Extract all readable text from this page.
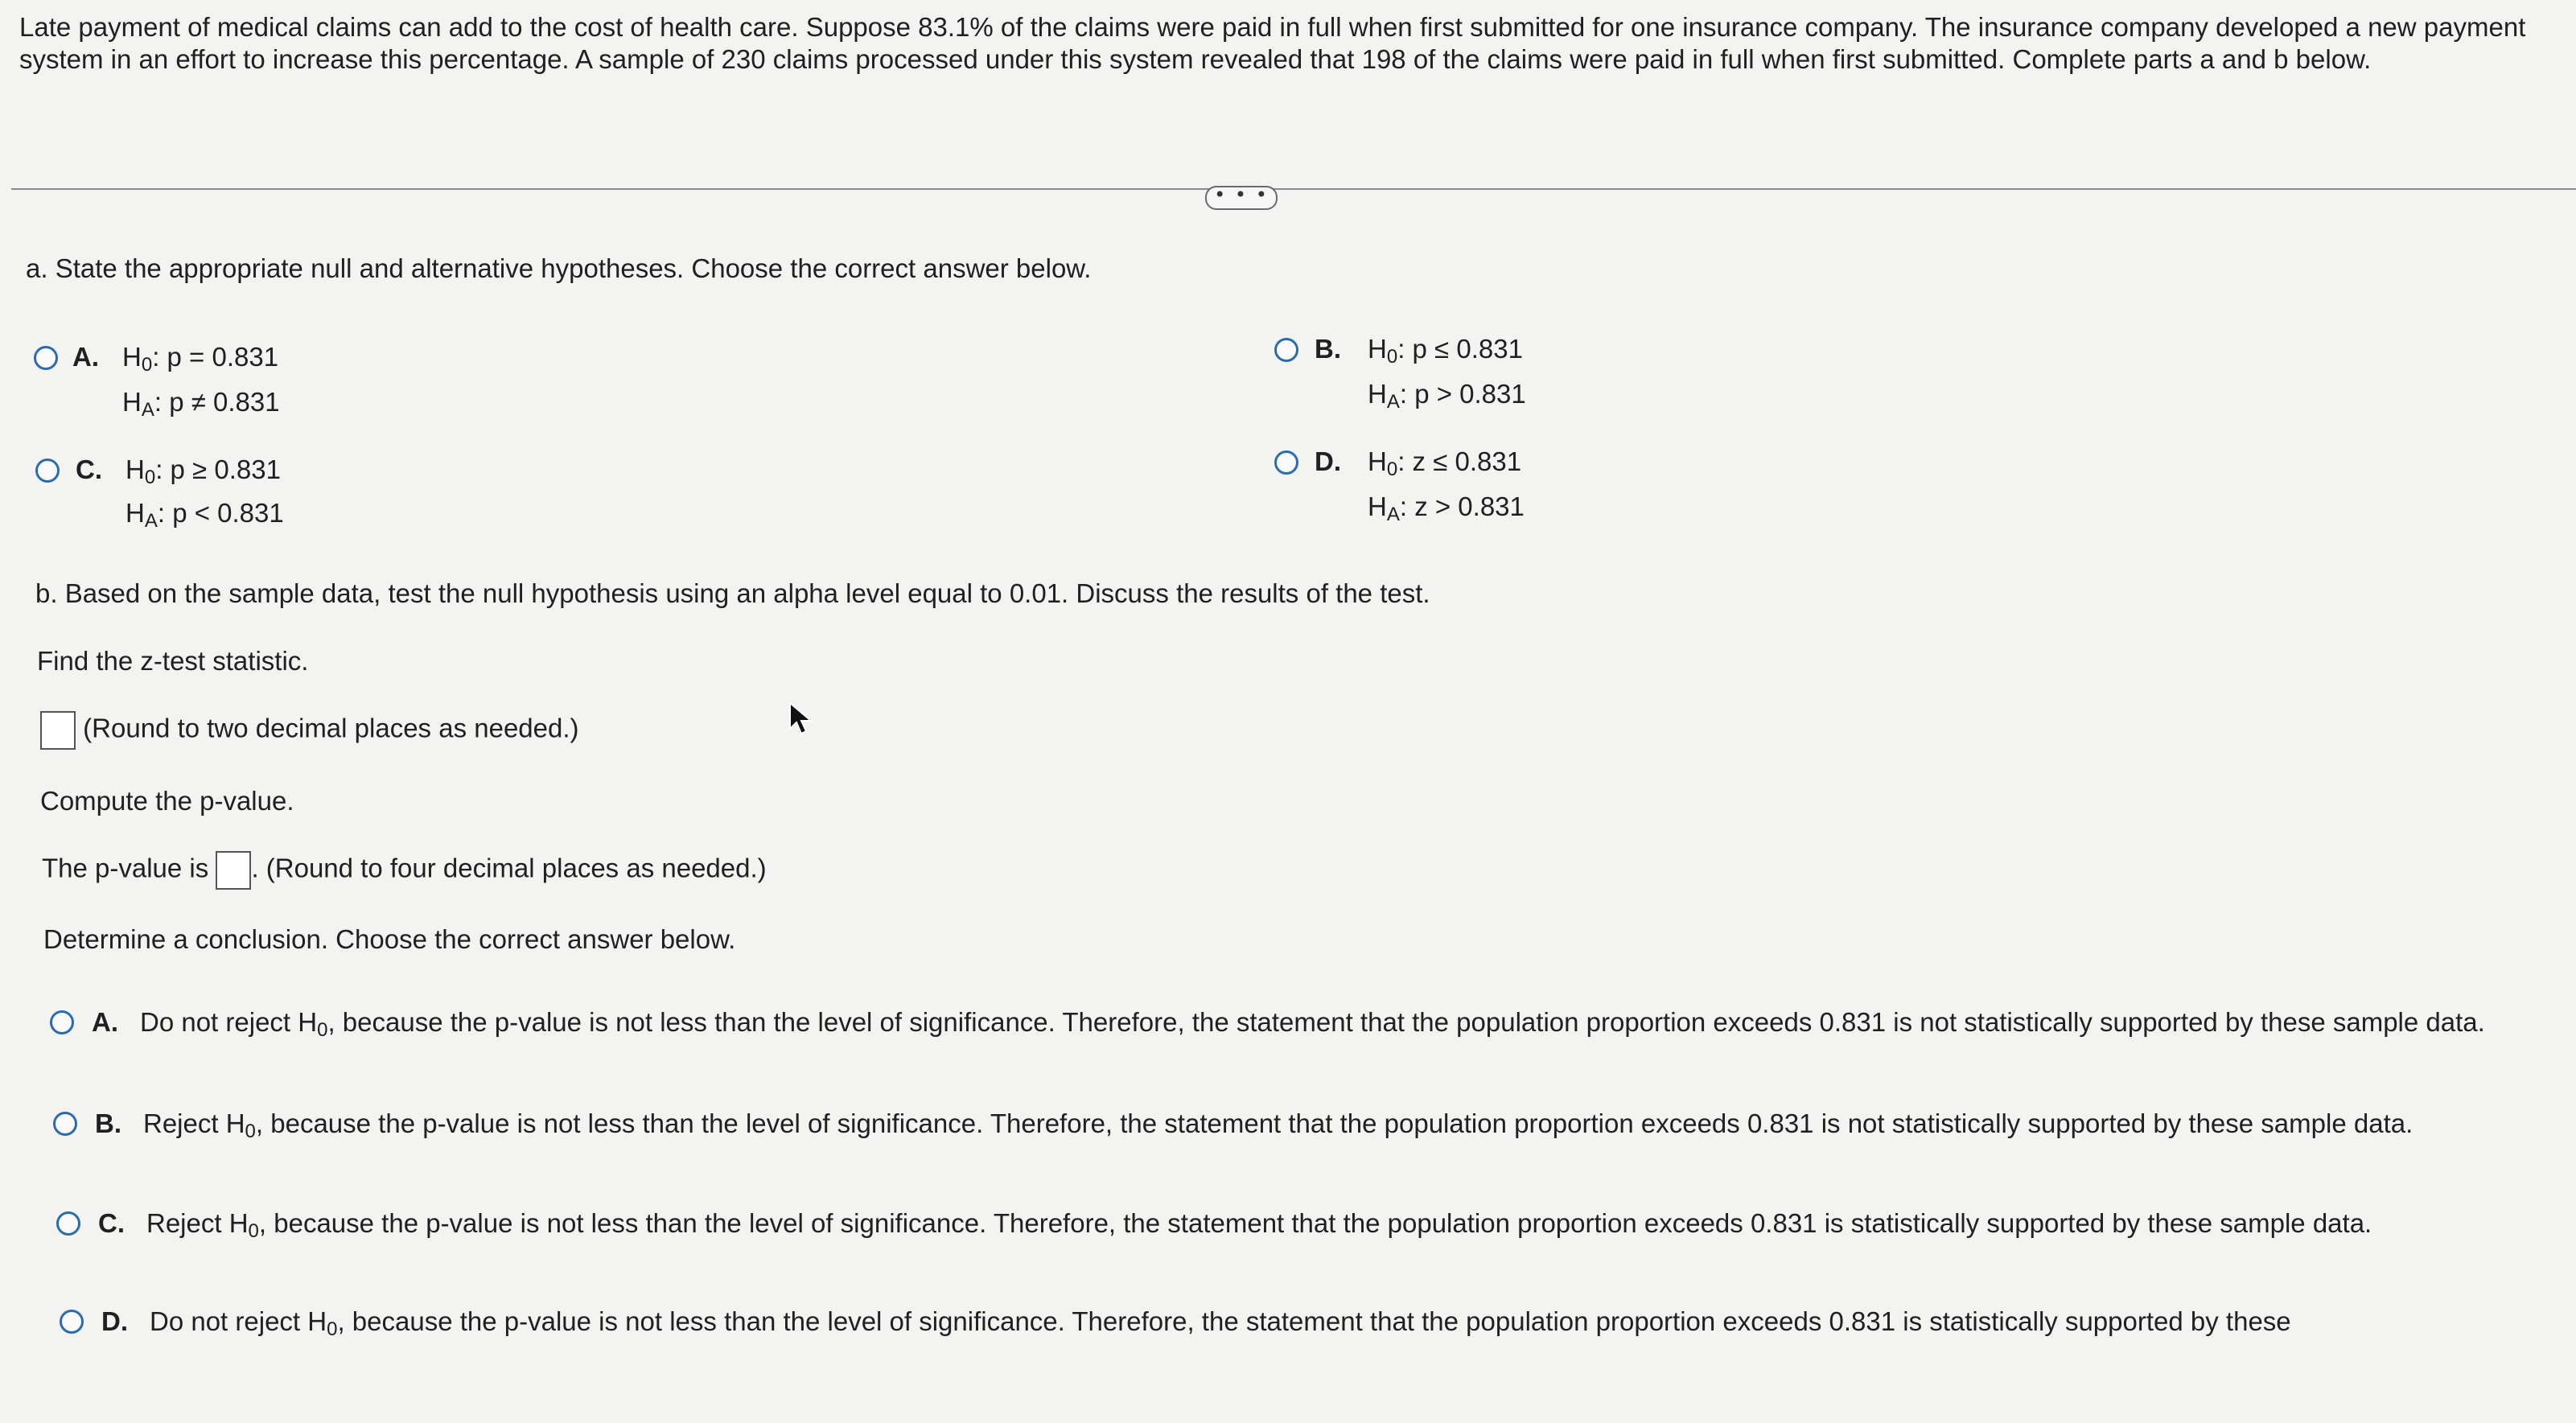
Late payment of medical claims can add to the cost of health care. Suppose 83.1% of the claims were paid in full when first submitted for one insurance company. The insurance company developed a new payment system in an effort to increase this percentage. A sample of 230 claims processed under this system revealed that 198 of the claims were paid in full when first submitted. Complete parts a and b below.
• • •
a. State the appropriate null and alternative hypotheses. Choose the correct answer below.
A. $H_0$: p = 0.831
$H_A$: p ≠ 0.831
B. $H_0$: p ≤ 0.831
$H_A$: p > 0.831
C. $H_0$: p ≥ 0.831
$H_A$: p < 0.831
D. $H_0$: z ≤ 0.831
$H_A$: z > 0.831
b. Based on the sample data, test the null hypothesis using an alpha level equal to 0.01. Discuss the results of the test.
Find the z-test statistic.
(Round to two decimal places as needed.)
Compute the p-value.
The p-value is . (Round to four decimal places as needed.)
Determine a conclusion. Choose the correct answer below.
A. Do not reject $H_0$, because the p-value is not less than the level of significance. Therefore, the statement that the population proportion exceeds 0.831 is not statistically supported by these sample data.
B. Reject $H_0$, because the p-value is not less than the level of significance. Therefore, the statement that the population proportion exceeds 0.831 is not statistically supported by these sample data.
C. Reject $H_0$, because the p-value is not less than the level of significance. Therefore, the statement that the population proportion exceeds 0.831 is statistically supported by these sample data.
D. Do not reject $H_0$, because the p-value is not less than the level of significance. Therefore, the statement that the population proportion exceeds 0.831 is statistically supported by these
